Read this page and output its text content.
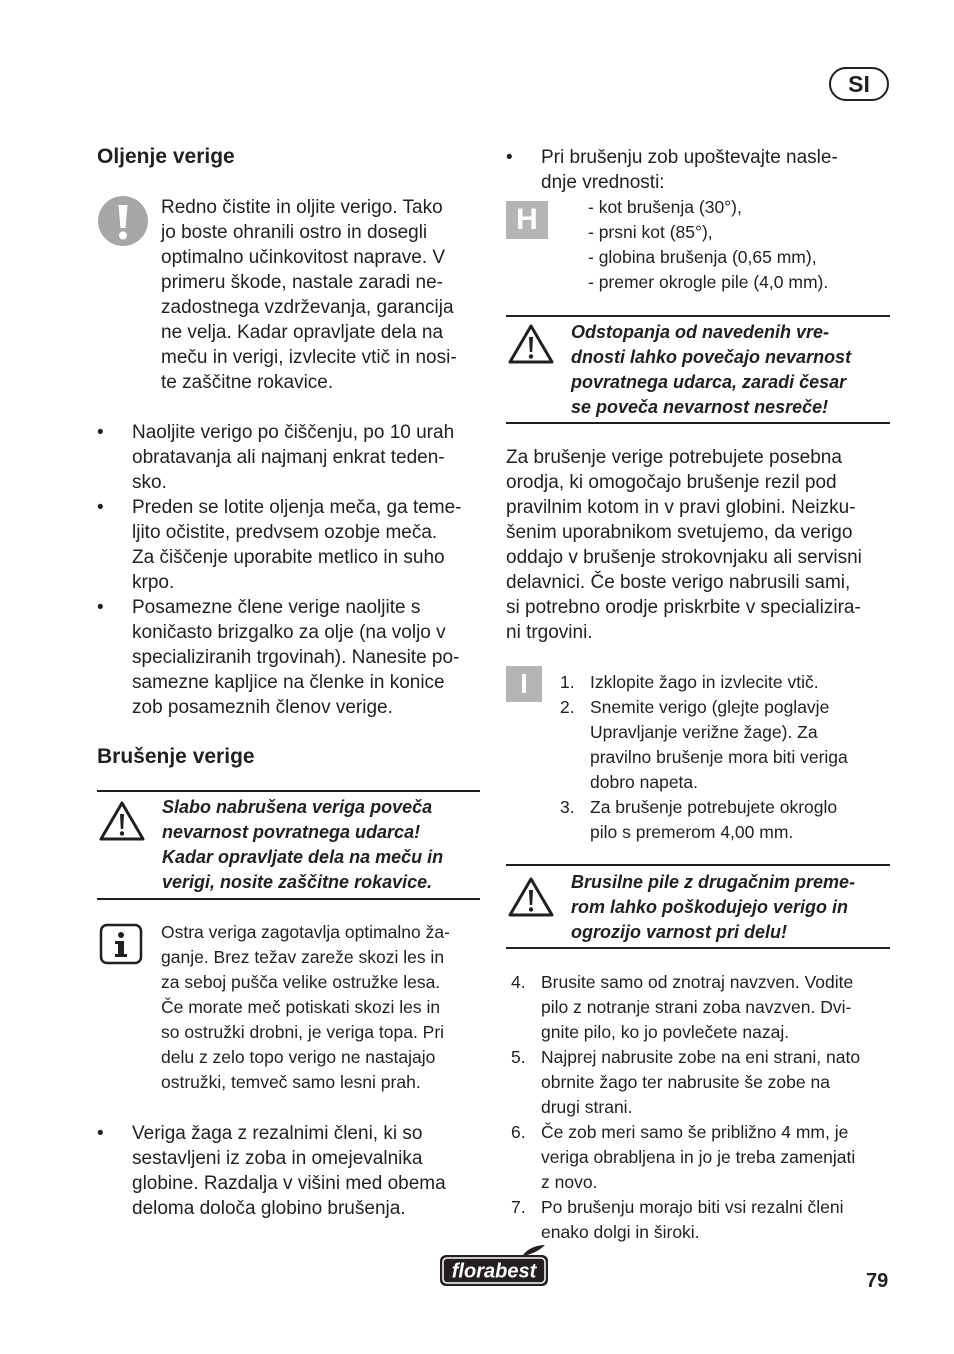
SI
Oljenje verige
Redno čistite in oljite verigo. Tako
jo boste ohranili ostro in dosegli
optimalno učinkovitost naprave. V
primeru škode, nastale zaradi ne-
zadostnega vzdrževanja, garancija
ne velja. Kadar opravljate dela na
meču in verigi, izvlecite vtič in nosi-
te zaščitne rokavice.
• Naoljite verigo po čiščenju, po 10 urah
obratavanja ali najmanj enkrat teden-
sko.
• Preden se lotite oljenja meča, ga teme-
ljito očistite, predvsem ozobje meča.
Za čiščenje uporabite metlico in suho
krpo.
• Posamezne člene verige naoljite s
koničasto brizgalko za olje (na voljo v
specializiranih trgovinah). Nanesite po-
samezne kapljice na členke in konice
zob posameznih členov verige.
Brušenje verige
Slabo nabrušena veriga poveča
nevarnost povratnega udarca!
Kadar opravljate dela na meču in
verigi, nosite zaščitne rokavice.
Ostra veriga zagotavlja optimalno ža-
ganje. Brez težav zareže skozi les in
za seboj pušča velike ostružke lesa.
Če morate meč potiskati skozi les in
so ostružki drobni, je veriga topa. Pri
delu z zelo topo verigo ne nastajajo
ostružki, temveč samo lesni prah.
• Veriga žaga z rezalnimi členi, ki so
sestavljeni iz zoba in omejevalnika
globine. Razdalja v višini med obema
deloma določa globino brušenja.
• Pri brušenju zob upoštevajte nasle-
dnje vrednosti:
H	- kot brušenja (30°),
- prsni kot (85°),
- globina brušenja (0,65 mm),
- premer okrogle pile (4,0 mm).
Odstopanja od navedenih vre-
dnosti lahko povečajo nevarnost
povratnega udarca, zaradi česar
se poveča nevarnost nesreče!
Za brušenje verige potrebujete posebna
orodja, ki omogočajo brušenje rezil pod
pravilnim kotom in v pravi globini. Neizku-
šenim uporabnikom svetujemo, da verigo
oddajo v brušenje strokovnjaku ali servisni
delavnici. Če boste verigo nabrusili sami,
si potrebno orodje priskrbite v specializira-
ni trgovini.
I	1. Izklopite žago in izvlecite vtič.
2. Snemite verigo (glejte poglavje
Upravljanje verižne žage). Za
pravilno brušenje mora biti veriga
dobro napeta.
3. Za brušenje potrebujete okroglo
pilo s premerom 4,00 mm.
Brusilne pile z drugačnim preme-
rom lahko poškodujejo verigo in
ogrozijo varnost pri delu!
4. Brusite samo od znotraj navzven. Vodite
pilo z notranje strani zoba navzven. Dvi-
gnite pilo, ko jo povlečete nazaj.
5. Najprej nabrusite zobe na eni strani, nato
obrnite žago ter nabrusite še zobe na
drugi strani.
6. Če zob meri samo še približno 4 mm, je
veriga obrabljena in jo je treba zamenjati
z novo.
7. Po brušenju morajo biti vsi rezalni členi
enako dolgi in široki.
florabest	79
